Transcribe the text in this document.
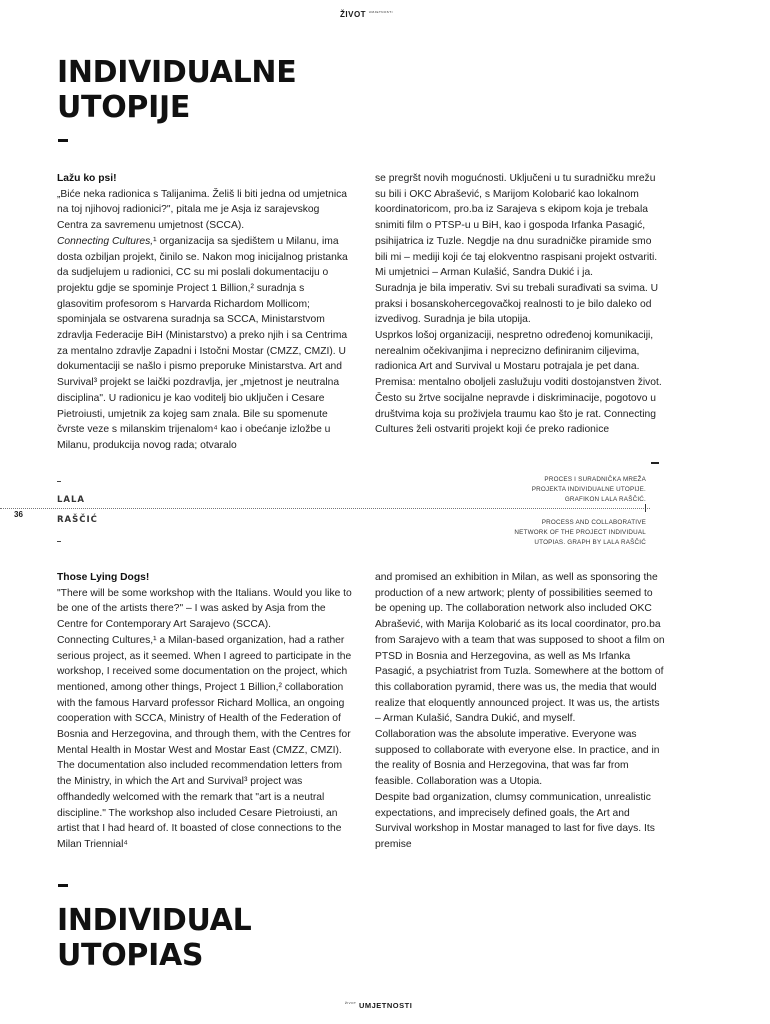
ŽIVOT $^{UMJETNOSTI}$
INDIVIDUALNE
UTOPIJE

Lažu ko psi!

„Biće neka radionica s Talijanima. Želiš li biti jedna od umjetnica na toj njihovoj radionici?", pitala me je Asja iz sarajevskog Centra za savremenu umjetnost (SCCA).

Connecting Cultures,¹ organizacija sa sjedištem u Milanu, ima dosta ozbiljan projekt, činilo se. Nakon mog inicijalnog pristanka da sudjelujem u radionici, CC su mi poslali dokumentaciju o projektu gdje se spominje Project 1 Billion,² suradnja s glasovitim profesorom s Harvarda Richardom Mollicom; spominjala se ostvarena suradnja sa SCCA, Ministarstvom zdravlja Federacije BiH (Ministarstvo) a preko njih i sa Centrima za mentalno zdravlje Zapadni i Istočni Mostar (CMZZ, CMZI). U dokumentaciji se našlo i pismo preporuke Ministarstva. Art and Survival³ projekt se laički pozdravlja, jer „mjetnost je neutralna disciplina". U radionicu je kao voditelj bio uključen i Cesare Pietroiusti, umjetnik za kojeg sam znala. Bile su spomenute čvrste veze s milanskim trijenalom⁴ kao i obećanje izložbe u Milanu, produkcija novog rada; otvaralo

se pregršt novih mogućnosti. Uključeni u tu suradničku mrežu su bili i OKC Abrašević, s Marijom Kolobarić kao lokalnom koordinatoricom, pro.ba iz Sarajeva s ekipom koja je trebala snimiti film o PTSP-u u BiH, kao i gospoda Irfanka Pasagić, psihijatrica iz Tuzle. Negdje na dnu suradničke piramide smo bili mi – mediji koji će taj elokventno raspisani projekt ostvariti. Mi umjetnici – Arman Kulašić, Sandra Dukić i ja.

Suradnja je bila imperativ. Svi su trebali surađivati sa svima. U praksi i bosanskohercegovačkoj realnosti to je bilo daleko od izvedivog. Suradnja je bila utopija.

Usprkos lošoj organizaciji, nespretno određenoj komunikaciji, nerealnim očekivanjima i neprecizno definiranim ciljevima, radionica Art and Survival u Mostaru potrajala je pet dana. Premisa: mentalno oboljeli zaslužuju voditi dostojanstven život. Često su žrtve socijalne nepravde i diskriminacije, pogotovo u društvima koja su proživjela traumu kao što je rat. Connecting Cultures želi ostvariti projekt koji će preko radionice

PROCES I SURADNIČKA MREŽA
PROJEKTA INDIVIDUALNE UTOPIJE.
GRAFIKON LALA RAŠČIĆ.
36
PROCESS AND COLLABORATIVE
NETWORK OF THE PROJECT INDIVIDUAL
UTOPIAS. GRAPH BY LALA RAŠČIĆ
LALA
RAŠČIĆ

Those Lying Dogs!

"There will be some workshop with the Italians. Would you like to be one of the artists there?" – I was asked by Asja from the Centre for Contemporary Art Sarajevo (SCCA).

Connecting Cultures,¹ a Milan-based organization, had a rather serious project, as it seemed. When I agreed to participate in the workshop, I received some documentation on the project, which mentioned, among other things, Project 1 Billion,² collaboration with the famous Harvard professor Richard Mollica, an ongoing cooperation with SCCA, Ministry of Health of the Federation of Bosnia and Herzegovina, and through them, with the Centres for Mental Health in Mostar West and Mostar East (CMZZ, CMZI). The documentation also included recommendation letters from the Ministry, in which the Art and Survival³ project was offhandedly welcomed with the remark that "art is a neutral discipline." The workshop also included Cesare Pietroiusti, an artist that I had heard of. It boasted of close connections to the Milan Triennial⁴

and promised an exhibition in Milan, as well as sponsoring the production of a new artwork; plenty of possibilities seemed to be opening up. The collaboration network also included OKC Abrašević, with Marija Kolobarić as its local coordinator, pro.ba from Sarajevo with a team that was supposed to shoot a film on PTSD in Bosnia and Herzegovina, as well as Ms Irfanka Pasagić, a psychiatrist from Tuzla. Somewhere at the bottom of this collaboration pyramid, there was us, the media that would realize that eloquently announced project. It was us, the artists – Arman Kulašić, Sandra Dukić, and myself.

Collaboration was the absolute imperative. Everyone was supposed to collaborate with everyone else. In practice, and in the reality of Bosnia and Herzegovina, that was far from feasible. Collaboration was a Utopia.

Despite bad organization, clumsy communication, unrealistic expectations, and imprecisely defined goals, the Art and Survival workshop in Mostar managed to last for five days. Its premise

INDIVIDUAL
UTOPIAS
$^{ŽIVOT}$ UMJETNOSTI
